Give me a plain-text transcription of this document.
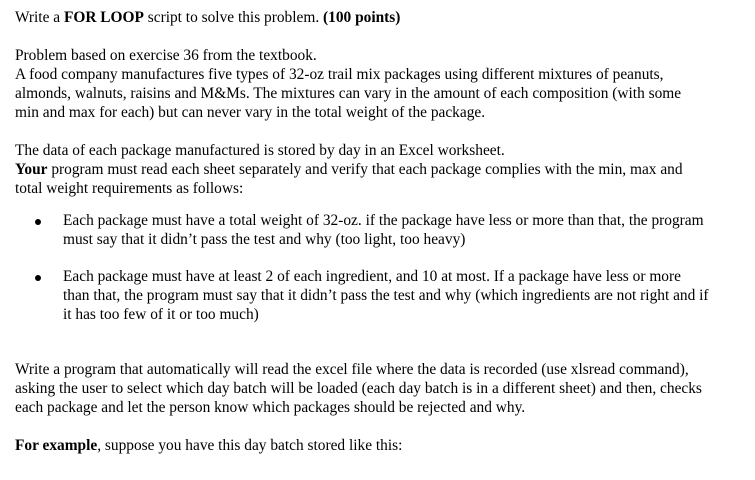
Write a FOR LOOP script to solve this problem. (100 points)
Problem based on exercise 36 from the textbook.
A food company manufactures five types of 32-oz trail mix packages using different mixtures of peanuts,
almonds, walnuts, raisins and M&Ms. The mixtures can vary in the amount of each composition (with some
min and max for each) but can never vary in the total weight of the package.
The data of each package manufactured is stored by day in an Excel worksheet.
Your program must read each sheet separately and verify that each package complies with the min, max and
total weight requirements as follows:
Each package must have a total weight of 32-oz. if the package have less or more than that, the program
must say that it didn’t pass the test and why (too light, too heavy)
Each package must have at least 2 of each ingredient, and 10 at most. If a package have less or more
than that, the program must say that it didn’t pass the test and why (which ingredients are not right and if
it has too few of it or too much)
Write a program that automatically will read the excel file where the data is recorded (use xlsread command),
asking the user to select which day batch will be loaded (each day batch is in a different sheet) and then, checks
each package and let the person know which packages should be rejected and why.
For example, suppose you have this day batch stored like this:
